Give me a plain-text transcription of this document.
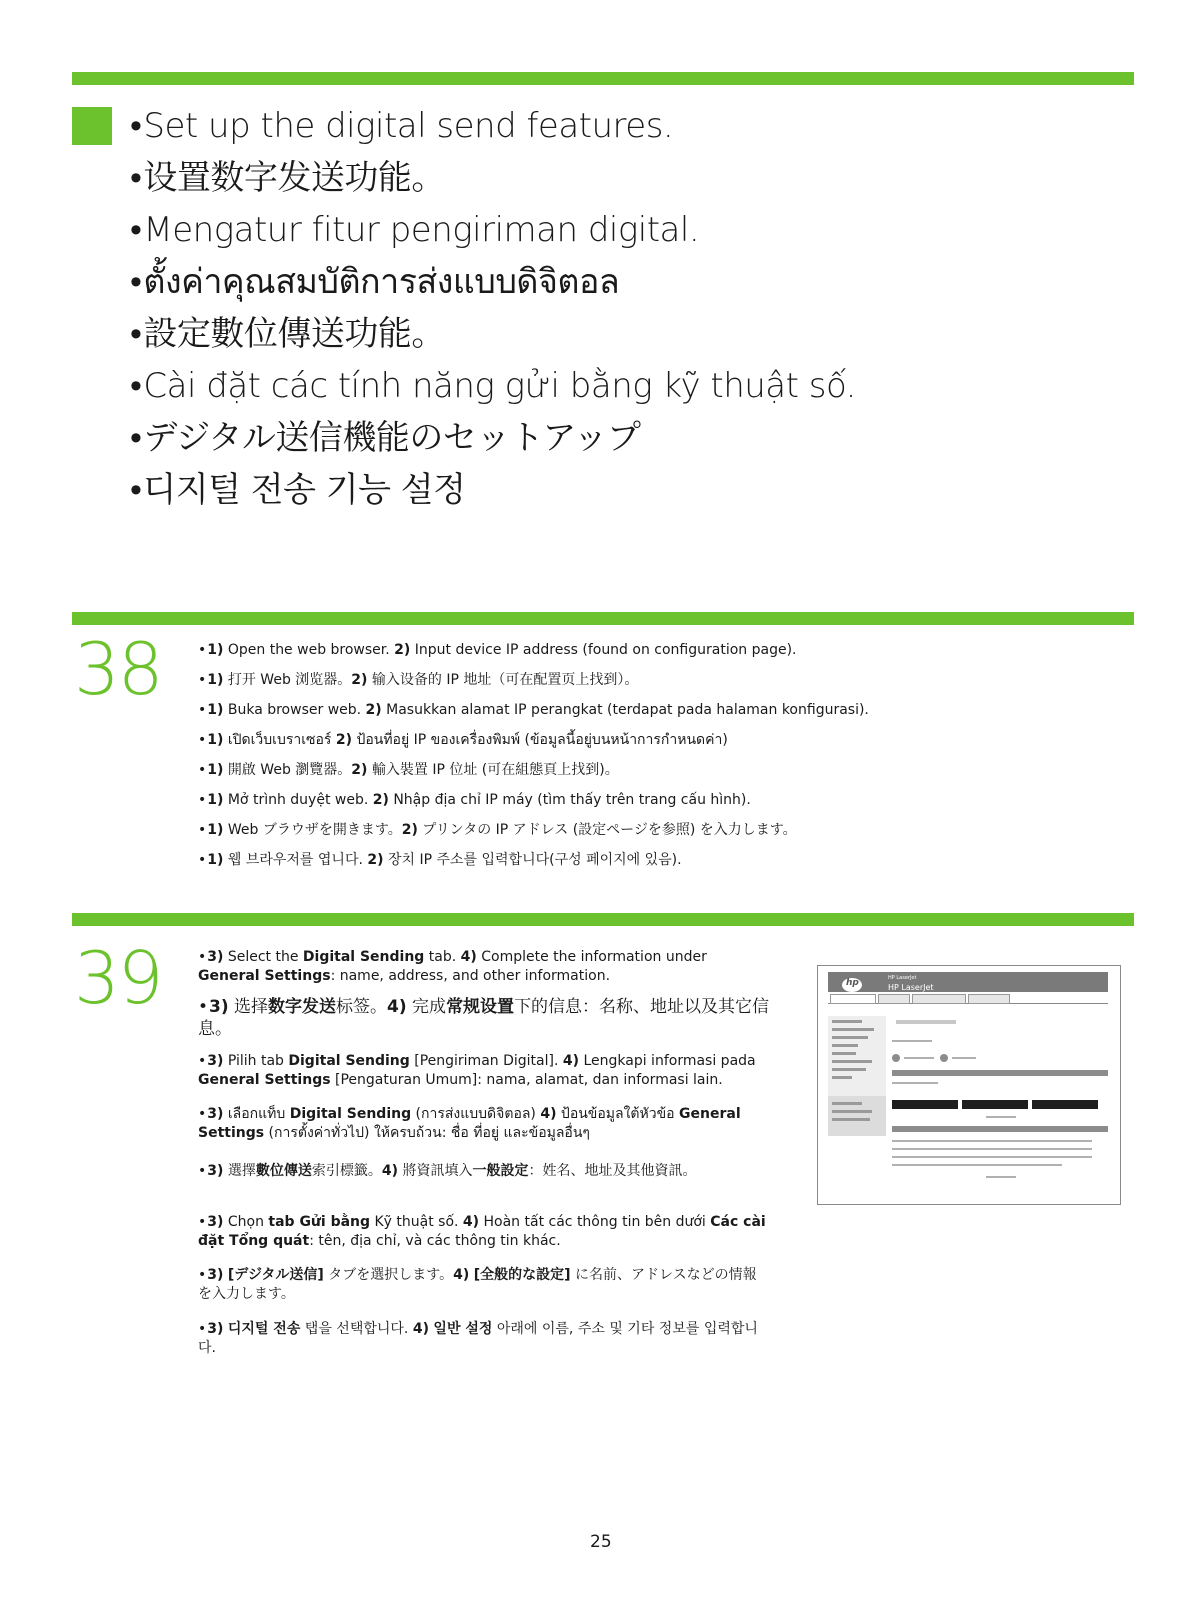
• Set up the digital send features.
• 设置数字发送功能。
• Mengatur fitur pengiriman digital.
• ตั้งค่าคุณสมบัติการส่งแบบดิจิตอล
• 設定數位傳送功能。
• Cài đặt các tính năng gửi bằng kỹ thuật số.
• デジタル送信機能のセットアップ
• 디지털 전송 기능 설정
38	• 1) Open the web browser. 2) Input device IP address (found on configuration page).
• 1) 打开 Web 浏览器。2) 输入设备的 IP 地址（可在配置页上找到）。
• 1) Buka browser web. 2) Masukkan alamat IP perangkat (terdapat pada halaman konfigurasi).
• 1) เปิดเว็บเบราเซอร์ 2) ป้อนที่อยู่ IP ของเครื่องพิมพ์ (ข้อมูลนี้อยู่บนหน้าการกำหนดค่า)
• 1) 開啟 Web 瀏覽器。2) 輸入裝置 IP 位址 (可在組態頁上找到)。
• 1) Mở trình duyệt web. 2) Nhập địa chỉ IP máy (tìm thấy trên trang cấu hình).
• 1) Web ブラウザを開きます。2) プリンタの IP アドレス (設定ページを参照) を入力します。
• 1) 웹 브라우저를 엽니다. 2) 장치 IP 주소를 입력합니다(구성 페이지에 있음).
39	• 3) Select the Digital Sending tab. 4) Complete the information under General Settings: name, address, and other information.
• 3) 选择数字发送标签。4) 完成常规设置下的信息：名称、地址以及其它信息。
• 3) Pilih tab Digital Sending [Pengiriman Digital]. 4) Lengkapi informasi pada General Settings [Pengaturan Umum]: nama, alamat, dan informasi lain.
• 3) เลือกแท็บ Digital Sending (การส่งแบบดิจิตอล) 4) ป้อนข้อมูลใต้หัวข้อ General Settings (การตั้งค่าทั่วไป) ให้ครบถ้วน: ชื่อ ที่อยู่ และข้อมูลอื่นๆ
• 3) 選擇數位傳送索引標籤。4) 將資訊填入一般設定：姓名、地址及其他資訊。
• 3) Chọn tab Gửi bằng Kỹ thuật số. 4) Hoàn tất các thông tin bên dưới Các cài đặt Tổng quát: tên, địa chỉ, và các thông tin khác.
• 3) [デジタル送信] タブを選択します。4) [全般的な設定] に名前、アドレスなどの情報を入力します。
• 3) 디지털 전송 탭을 선택합니다. 4) 일반 설정 아래에 이름, 주소 및 기타 정보를 입력합니다.
hp
HP LaserJet
HP LaserJet
25
